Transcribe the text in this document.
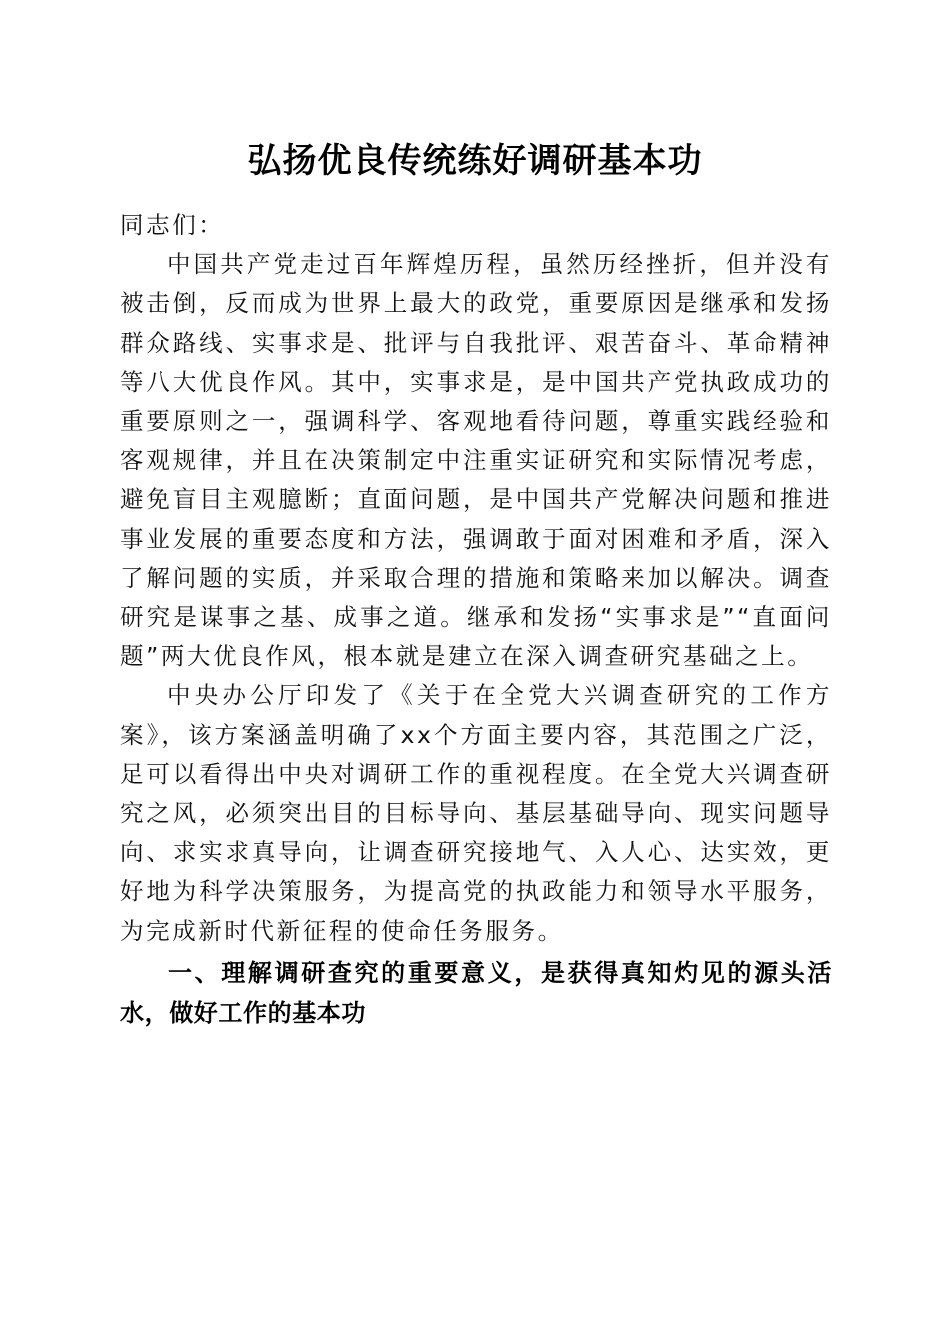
弘扬优良传统练好调研基本功

同志们：

中国共产党走过百年辉煌历程，虽然历经挫折，但并没有被击倒，反而成为世界上最大的政党，重要原因是继承和发扬群众路线、实事求是、批评与自我批评、艰苦奋斗、革命精神等八大优良作风。其中，实事求是，是中国共产党执政成功的重要原则之一，强调科学、客观地看待问题，尊重实践经验和客观规律，并且在决策制定中注重实证研究和实际情况考虑，避免盲目主观臆断；直面问题，是中国共产党解决问题和推进事业发展的重要态度和方法，强调敢于面对困难和矛盾，深入了解问题的实质，并采取合理的措施和策略来加以解决。调查研究是谋事之基、成事之道。继承和发扬“实事求是”“直面问题”两大优良作风，根本就是建立在深入调查研究基础之上。

中央办公厅印发了《关于在全党大兴调查研究的工作方案》，该方案涵盖明确了xx个方面主要内容，其范围之广泛，足可以看得出中央对调研工作的重视程度。在全党大兴调查研究之风，必须突出目的目标导向、基层基础导向、现实问题导向、求实求真导向，让调查研究接地气、入人心、达实效，更好地为科学决策服务，为提高党的执政能力和领导水平服务，为完成新时代新征程的使命任务服务。

一、理解调研查究的重要意义，是获得真知灼见的源头活水，做好工作的基本功
